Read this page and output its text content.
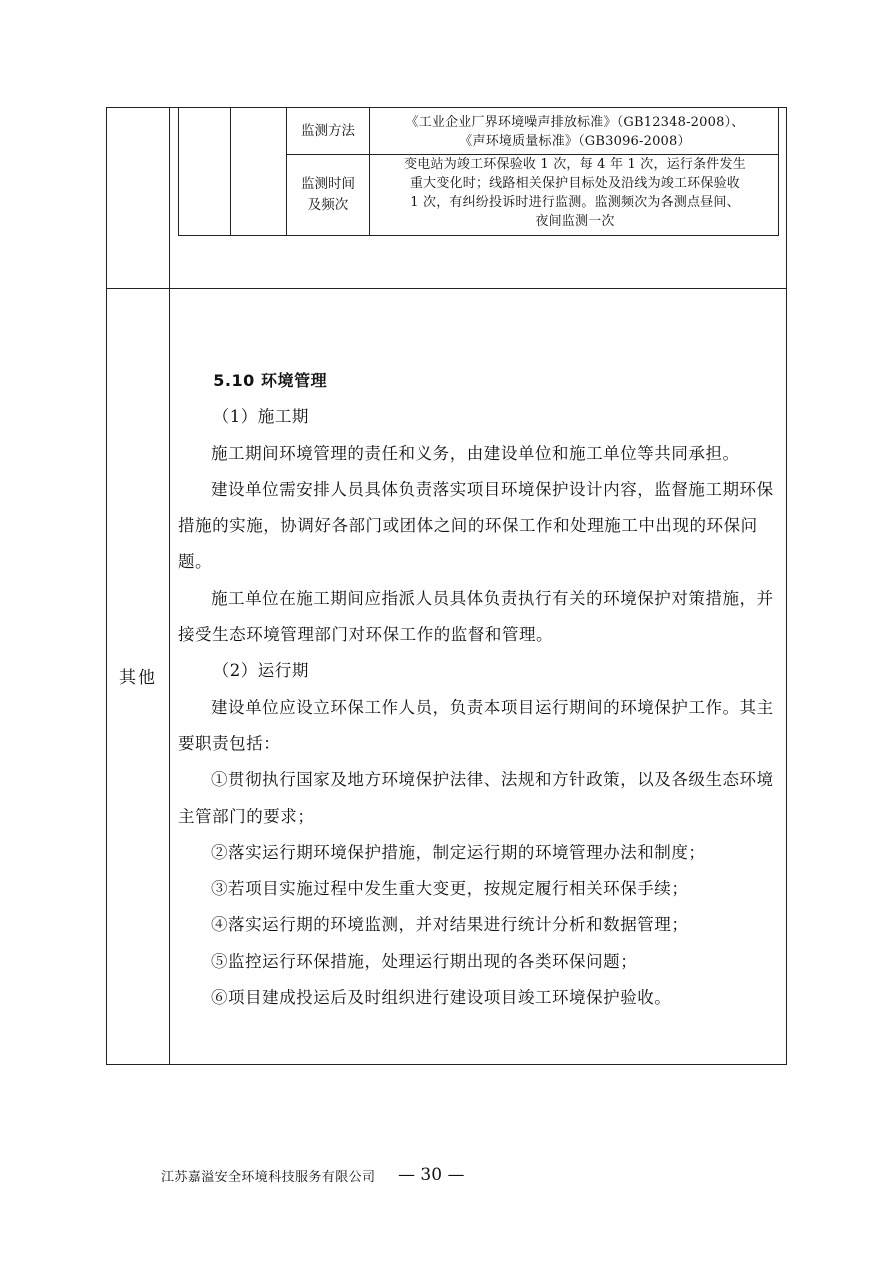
监测方法
《工业企业厂界环境噪声排放标准》（GB12348-2008）、
《声环境质量标准》（GB3096-2008）
监测时间
及频次
变电站为竣工环保验收 1 次，每 4 年 1 次，运行条件发生
重大变化时；线路相关保护目标处及沿线为竣工环保验收
1 次，有纠纷投诉时进行监测。监测频次为各测点昼间、
夜间监测一次
其他

5.10 环境管理

（1）施工期

施工期间环境管理的责任和义务，由建设单位和施工单位等共同承担。

建设单位需安排人员具体负责落实项目环境保护设计内容，监督施工期环保措施的实施，协调好各部门或团体之间的环保工作和处理施工中出现的环保问题。

施工单位在施工期间应指派人员具体负责执行有关的环境保护对策措施，并接受生态环境管理部门对环保工作的监督和管理。

（2）运行期

建设单位应设立环保工作人员，负责本项目运行期间的环境保护工作。其主要职责包括：

①贯彻执行国家及地方环境保护法律、法规和方针政策，以及各级生态环境主管部门的要求；

②落实运行期环境保护措施，制定运行期的环境管理办法和制度；

③若项目实施过程中发生重大变更，按规定履行相关环保手续；

④落实运行期的环境监测，并对结果进行统计分析和数据管理；

⑤监控运行环保措施，处理运行期出现的各类环保问题；

⑥项目建成投运后及时组织进行建设项目竣工环境保护验收。

江苏嘉溢安全环境科技服务有限公司 — 30 —
